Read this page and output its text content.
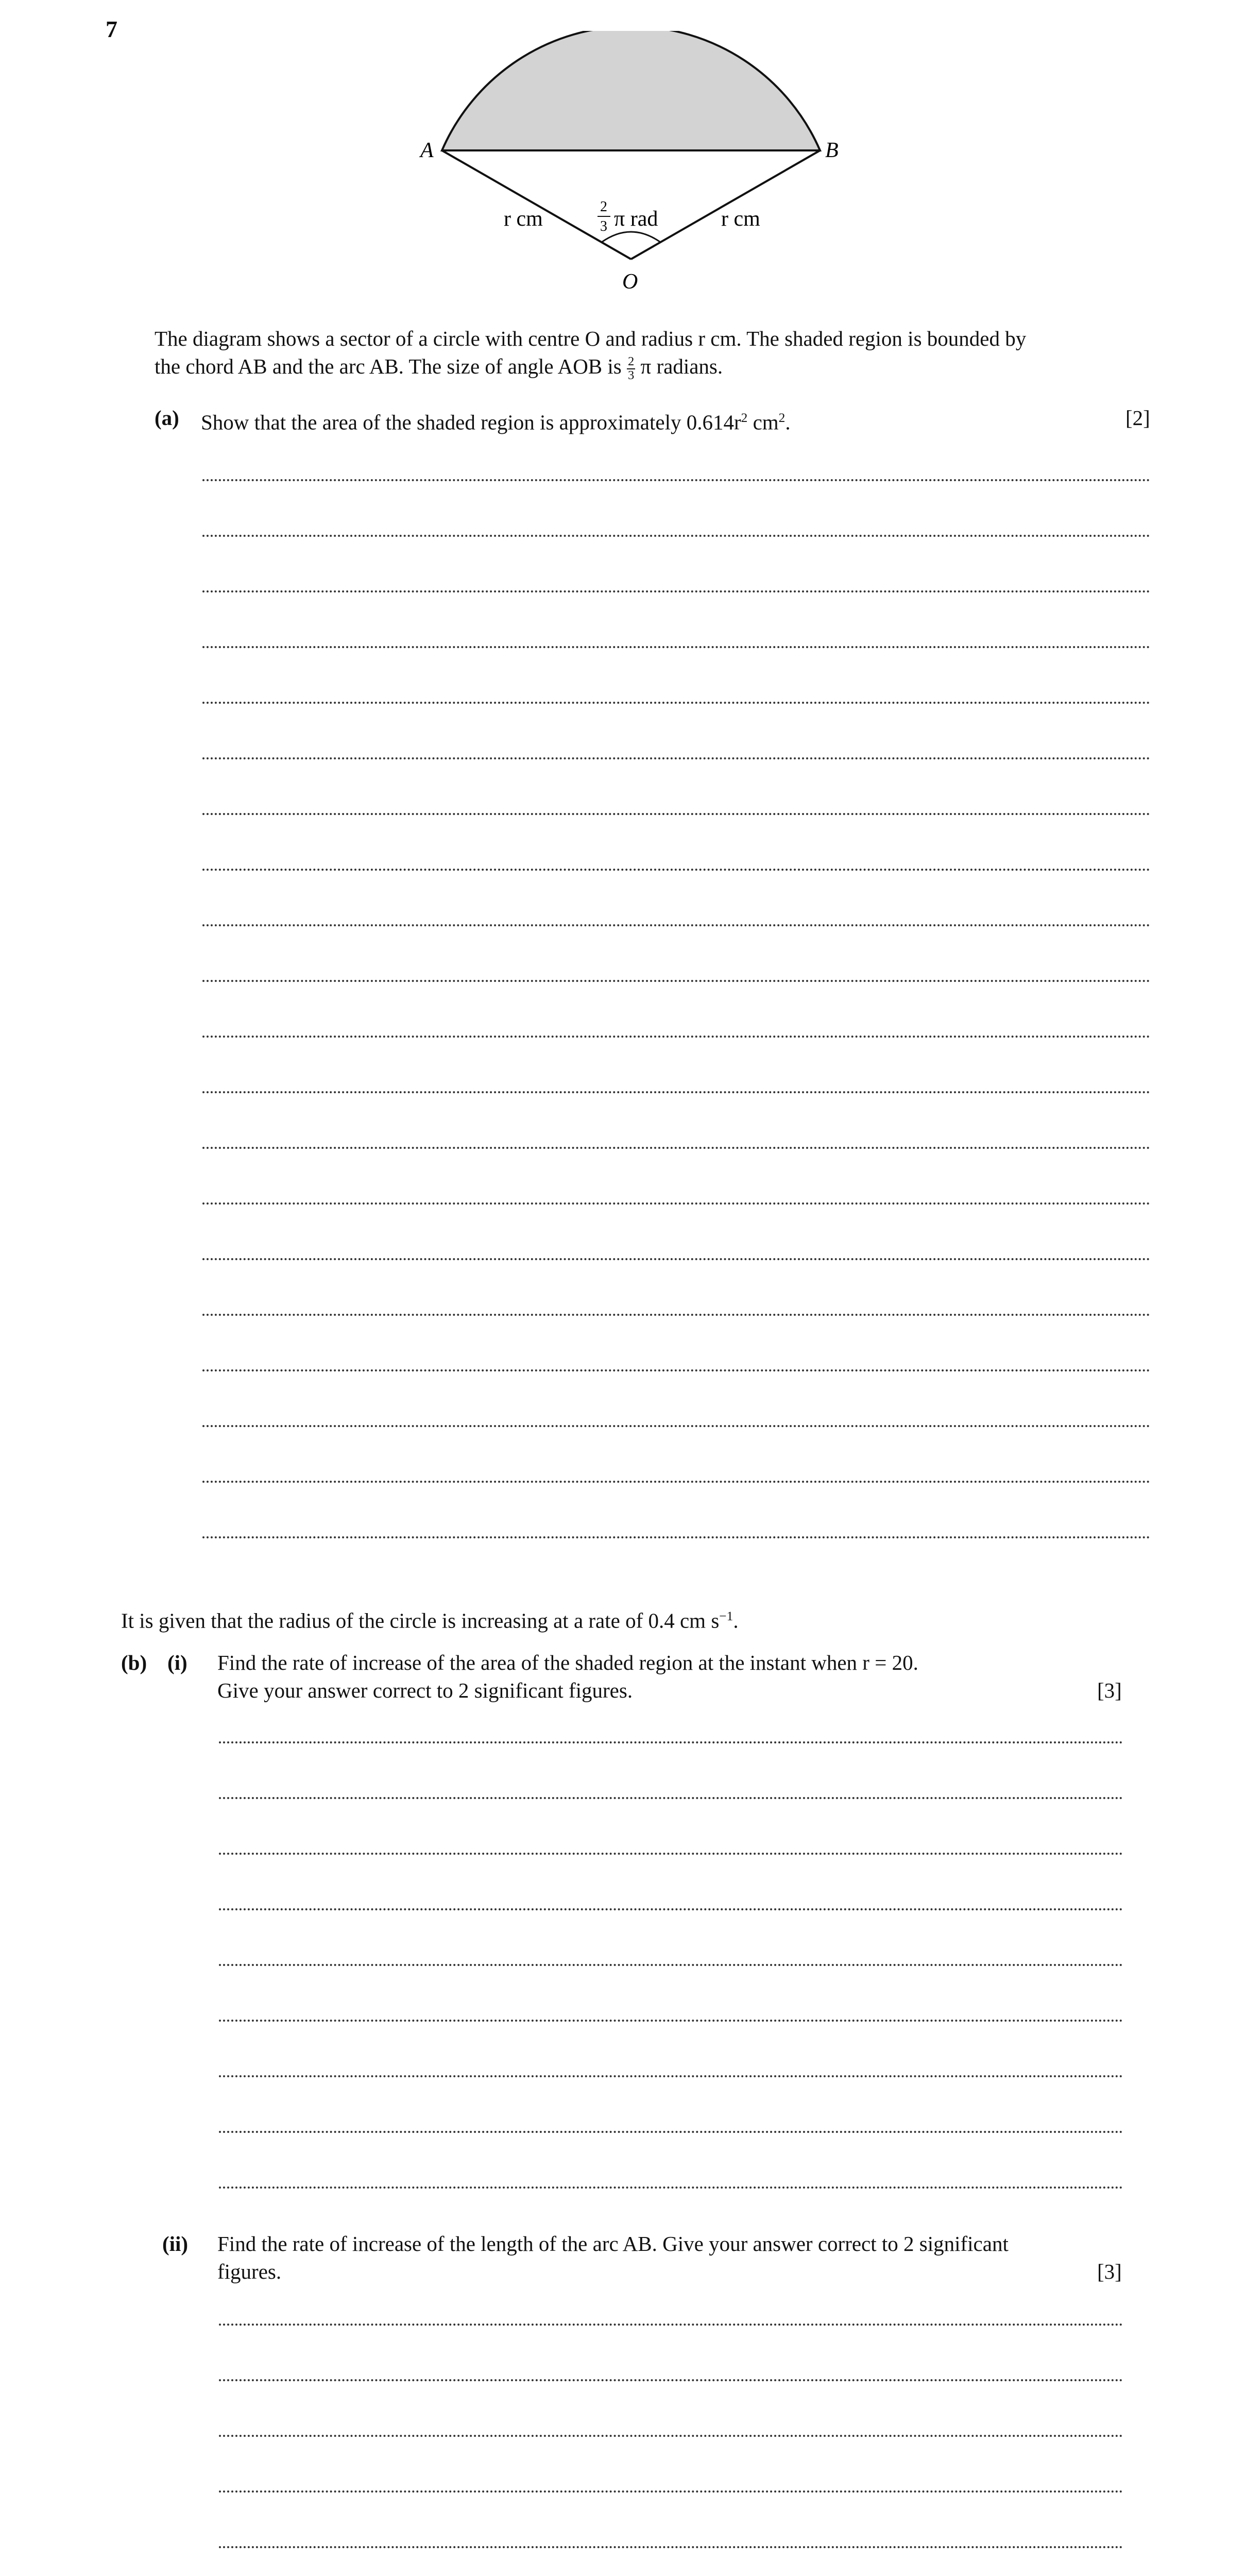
7
A	B
O
r cm	r cm
2
3 π rad
The diagram shows a sector of a circle with centre O and radius r cm. The shaded region is bounded by
the chord AB and the arc AB. The size of angle AOB is $\frac{2}{3}$ π radians.
(a) Show that the area of the shaded region is approximately $0.614r^2$ $cm^2$.	[2]
It is given that the radius of the circle is increasing at a rate of 0.4 cm $s^{-1}$.
(b) (i) Find the rate of increase of the area of the shaded region at the instant when r = 20.
Give your answer correct to 2 significant figures.	[3]
(ii) Find the rate of increase of the length of the arc AB. Give your answer correct to 2 significant
figures.	[3]
